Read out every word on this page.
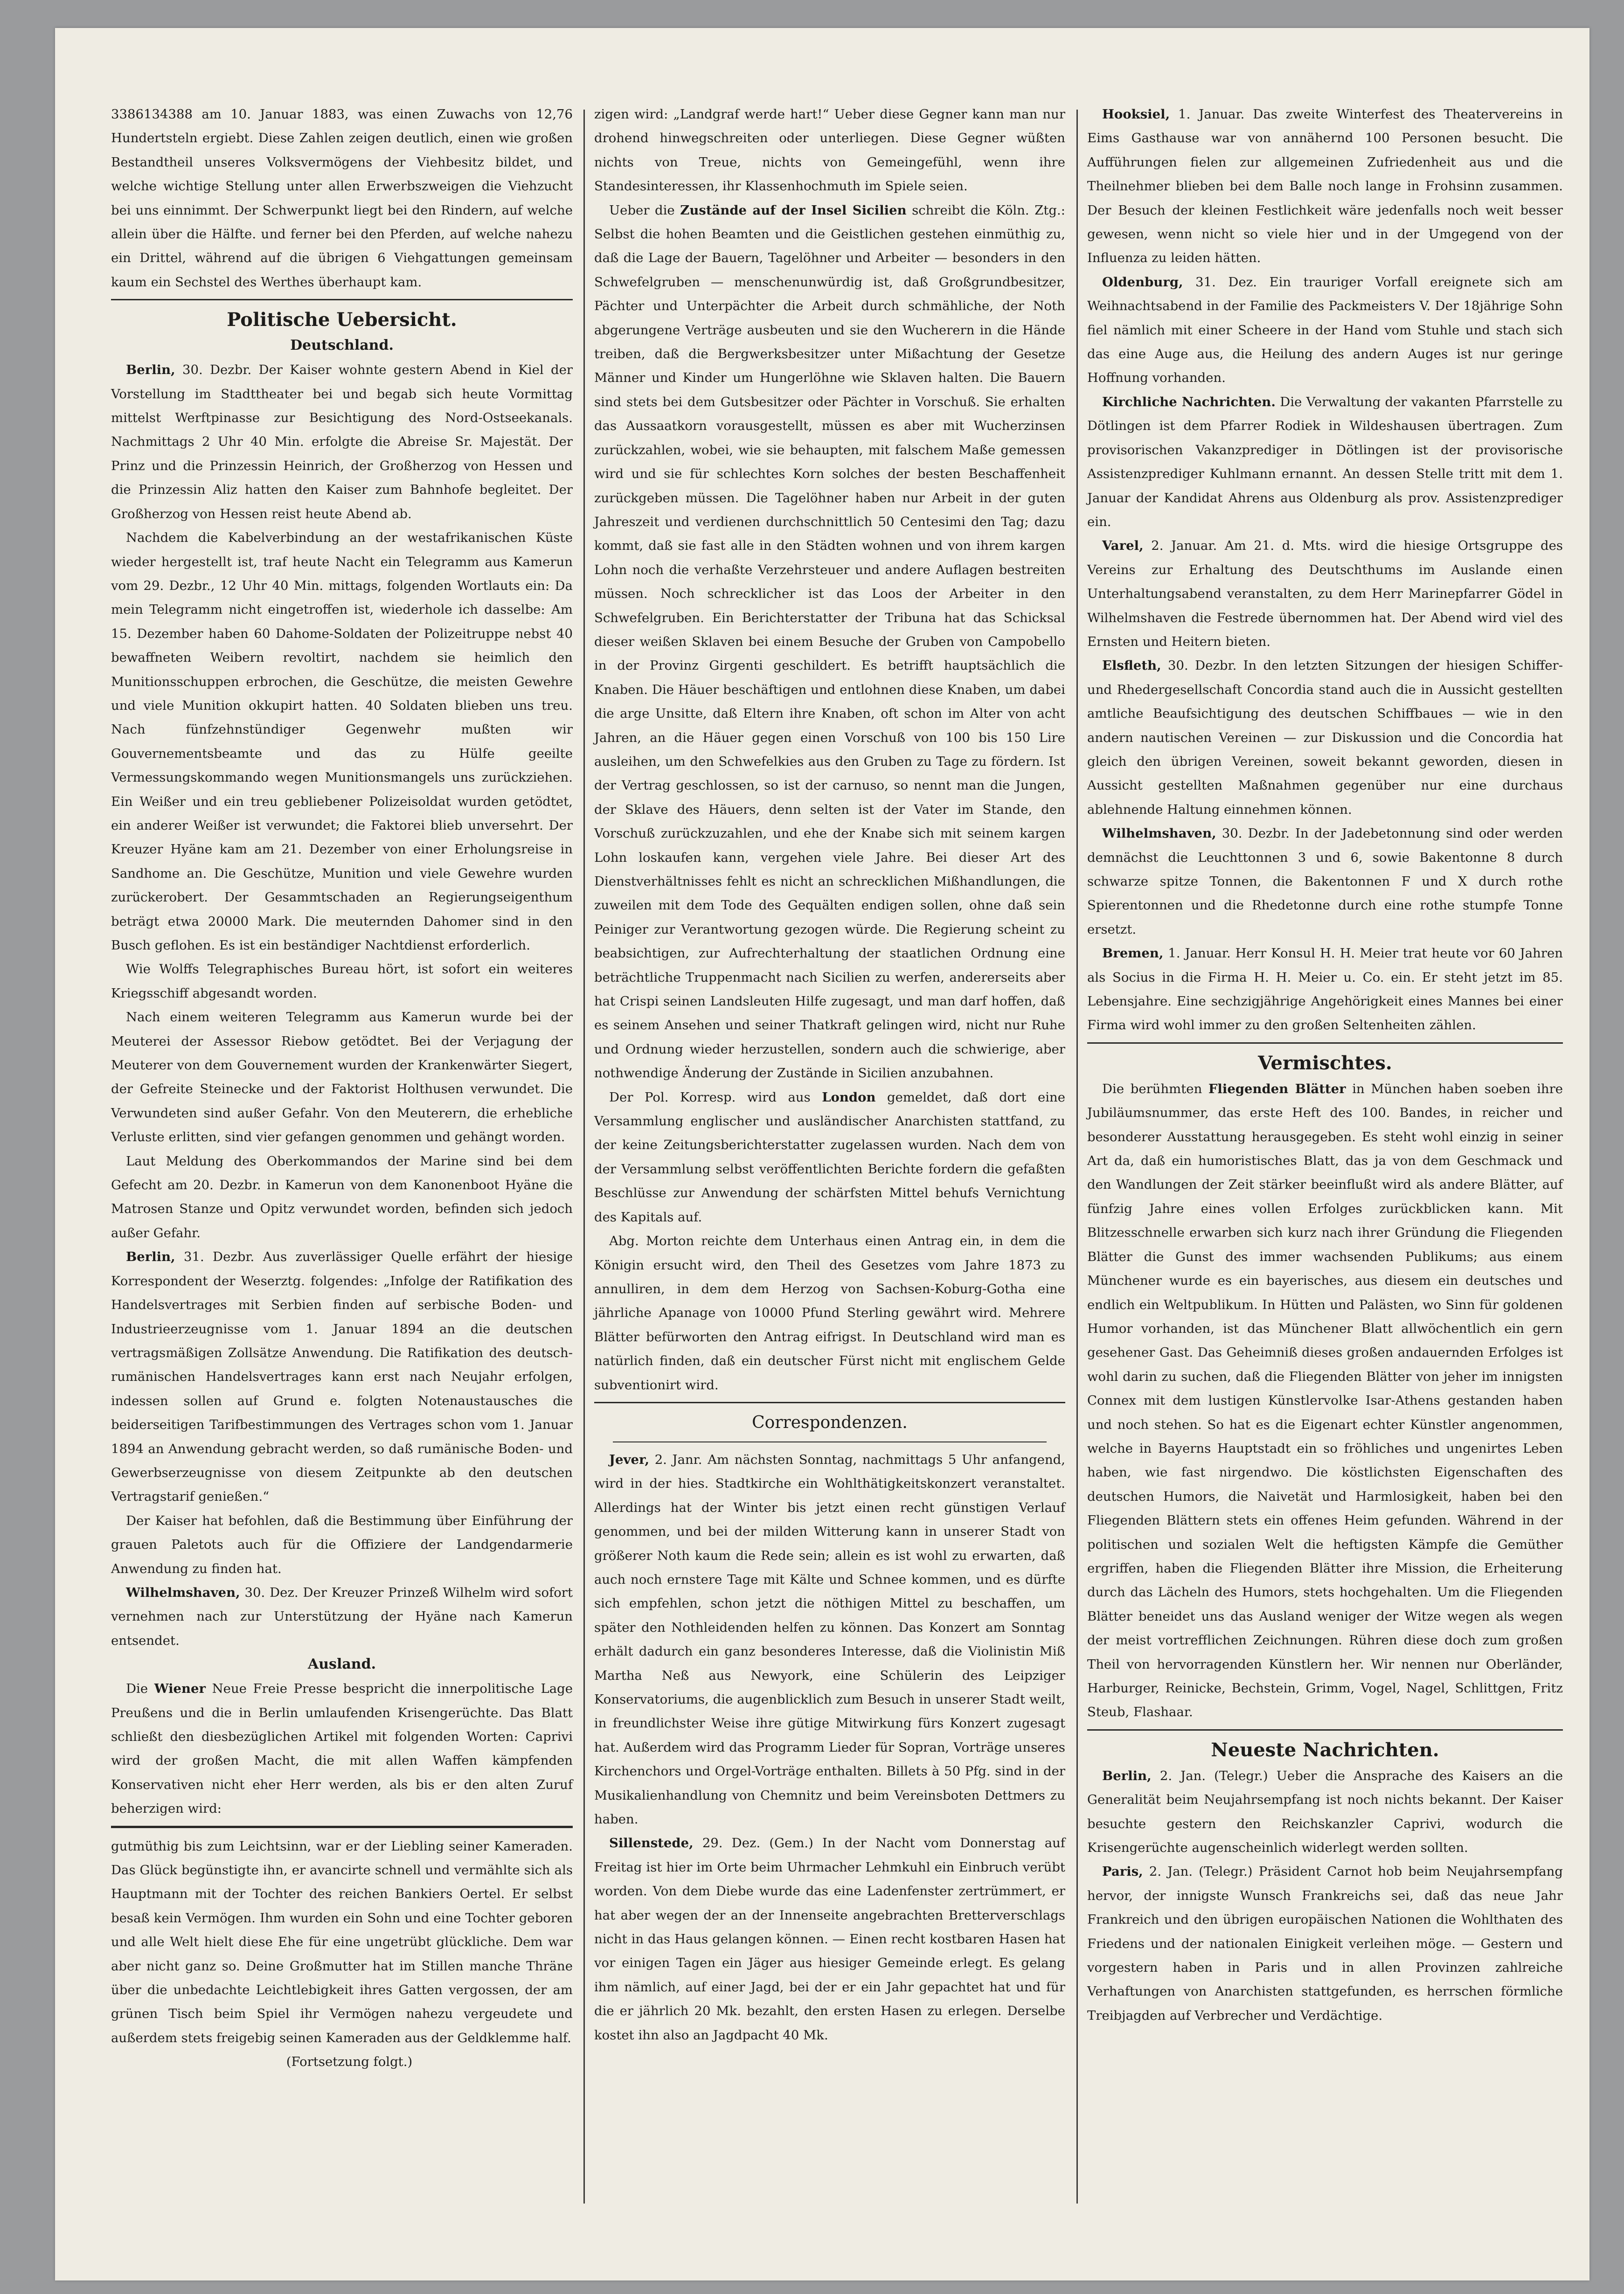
3386134388 am 10. Januar 1883, was einen Zuwachs von 12,76 Hundertsteln ergiebt. Diese Zahlen zeigen deutlich, einen wie großen Bestandtheil unseres Volksvermögens der Viehbesitz bildet, und welche wichtige Stellung unter allen Erwerbszweigen die Viehzucht bei uns einnimmt. Der Schwerpunkt liegt bei den Rindern, auf welche allein über die Hälfte. und ferner bei den Pferden, auf welche nahezu ein Drittel, während auf die übrigen 6 Viehgattungen gemeinsam kaum ein Sechstel des Werthes überhaupt kam.

Politische Uebersicht.
Deutschland.

Berlin, 30. Dezbr. Der Kaiser wohnte gestern Abend in Kiel der Vorstellung im Stadttheater bei und begab sich heute Vormittag mittelst Werftpinasse zur Besichtigung des Nord-Ostseekanals. Nachmittags 2 Uhr 40 Min. erfolgte die Abreise Sr. Majestät. Der Prinz und die Prinzessin Heinrich, der Großherzog von Hessen und die Prinzessin Aliz hatten den Kaiser zum Bahnhofe begleitet. Der Großherzog von Hessen reist heute Abend ab.

Nachdem die Kabelverbindung an der westafrikanischen Küste wieder hergestellt ist, traf heute Nacht ein Telegramm aus Kamerun vom 29. Dezbr., 12 Uhr 40 Min. mittags, folgenden Wortlauts ein: Da mein Telegramm nicht eingetroffen ist, wiederhole ich dasselbe: Am 15. Dezember haben 60 Dahome-Soldaten der Polizeitruppe nebst 40 bewaffneten Weibern revoltirt, nachdem sie heimlich den Munitionsschuppen erbrochen, die Geschütze, die meisten Gewehre und viele Munition okkupirt hatten. 40 Soldaten blieben uns treu. Nach fünfzehnstündiger Gegenwehr mußten wir Gouvernementsbeamte und das zu Hülfe geeilte Vermessungskommando wegen Munitionsmangels uns zurückziehen. Ein Weißer und ein treu gebliebener Polizeisoldat wurden getödtet, ein anderer Weißer ist verwundet; die Faktorei blieb unversehrt. Der Kreuzer Hyäne kam am 21. Dezember von einer Erholungsreise in Sandhome an. Die Geschütze, Munition und viele Gewehre wurden zurückerobert. Der Gesammtschaden an Regierungseigenthum beträgt etwa 20000 Mark. Die meuternden Dahomer sind in den Busch geflohen. Es ist ein beständiger Nachtdienst erforderlich.

Wie Wolffs Telegraphisches Bureau hört, ist sofort ein weiteres Kriegsschiff abgesandt worden.

Nach einem weiteren Telegramm aus Kamerun wurde bei der Meuterei der Assessor Riebow getödtet. Bei der Verjagung der Meuterer von dem Gouvernement wurden der Krankenwärter Siegert, der Gefreite Steinecke und der Faktorist Holthusen verwundet. Die Verwundeten sind außer Gefahr. Von den Meuterern, die erhebliche Verluste erlitten, sind vier gefangen genommen und gehängt worden.

Laut Meldung des Oberkommandos der Marine sind bei dem Gefecht am 20. Dezbr. in Kamerun von dem Kanonenboot Hyäne die Matrosen Stanze und Opitz verwundet worden, befinden sich jedoch außer Gefahr.

Berlin, 31. Dezbr. Aus zuverlässiger Quelle erfährt der hiesige Korrespondent der Weserztg. folgendes: „Infolge der Ratifikation des Handelsvertrages mit Serbien finden auf serbische Boden- und Industrieerzeugnisse vom 1. Januar 1894 an die deutschen vertragsmäßigen Zollsätze Anwendung. Die Ratifikation des deutsch-rumänischen Handelsvertrages kann erst nach Neujahr erfolgen, indessen sollen auf Grund e. folgten Notenaustausches die beiderseitigen Tarifbestimmungen des Vertrages schon vom 1. Januar 1894 an Anwendung gebracht werden, so daß rumänische Boden- und Gewerbserzeugnisse von diesem Zeitpunkte ab den deutschen Vertragstarif genießen.“

Der Kaiser hat befohlen, daß die Bestimmung über Einführung der grauen Paletots auch für die Offiziere der Landgendarmerie Anwendung zu finden hat.

Wilhelmshaven, 30. Dez. Der Kreuzer Prinzeß Wilhelm wird sofort vernehmen nach zur Unterstützung der Hyäne nach Kamerun entsendet.

Ausland.

Die Wiener Neue Freie Presse bespricht die innerpolitische Lage Preußens und die in Berlin umlaufenden Krisengerüchte. Das Blatt schließt den diesbezüglichen Artikel mit folgenden Worten: Caprivi wird der großen Macht, die mit allen Waffen kämpfenden Konservativen nicht eher Herr werden, als bis er den alten Zuruf beherzigen wird:

gutmüthig bis zum Leichtsinn, war er der Liebling seiner Kameraden. Das Glück begünstigte ihn, er avancirte schnell und vermählte sich als Hauptmann mit der Tochter des reichen Bankiers Oertel. Er selbst besaß kein Vermögen. Ihm wurden ein Sohn und eine Tochter geboren und alle Welt hielt diese Ehe für eine ungetrübt glückliche. Dem war aber nicht ganz so. Deine Großmutter hat im Stillen manche Thräne über die unbedachte Leichtlebigkeit ihres Gatten vergossen, der am grünen Tisch beim Spiel ihr Vermögen nahezu vergeudete und außerdem stets freigebig seinen Kameraden aus der Geldklemme half.

(Fortsetzung folgt.)

zigen wird: „Landgraf werde hart!“ Ueber diese Gegner kann man nur drohend hinwegschreiten oder unterliegen. Diese Gegner wüßten nichts von Treue, nichts von Gemeingefühl, wenn ihre Standesinteressen, ihr Klassenhochmuth im Spiele seien.

Ueber die Zustände auf der Insel Sicilien schreibt die Köln. Ztg.: Selbst die hohen Beamten und die Geistlichen gestehen einmüthig zu, daß die Lage der Bauern, Tagelöhner und Arbeiter — besonders in den Schwefelgruben — menschenunwürdig ist, daß Großgrundbesitzer, Pächter und Unterpächter die Arbeit durch schmähliche, der Noth abgerungene Verträge ausbeuten und sie den Wucherern in die Hände treiben, daß die Bergwerksbesitzer unter Mißachtung der Gesetze Männer und Kinder um Hungerlöhne wie Sklaven halten. Die Bauern sind stets bei dem Gutsbesitzer oder Pächter in Vorschuß. Sie erhalten das Aussaatkorn vorausgestellt, müssen es aber mit Wucherzinsen zurückzahlen, wobei, wie sie behaupten, mit falschem Maße gemessen wird und sie für schlechtes Korn solches der besten Beschaffenheit zurückgeben müssen. Die Tagelöhner haben nur Arbeit in der guten Jahreszeit und verdienen durchschnittlich 50 Centesimi den Tag; dazu kommt, daß sie fast alle in den Städten wohnen und von ihrem kargen Lohn noch die verhaßte Verzehrsteuer und andere Auflagen bestreiten müssen. Noch schrecklicher ist das Loos der Arbeiter in den Schwefelgruben. Ein Berichterstatter der Tribuna hat das Schicksal dieser weißen Sklaven bei einem Besuche der Gruben von Campobello in der Provinz Girgenti geschildert. Es betrifft hauptsächlich die Knaben. Die Häuer beschäftigen und entlohnen diese Knaben, um dabei die arge Unsitte, daß Eltern ihre Knaben, oft schon im Alter von acht Jahren, an die Häuer gegen einen Vorschuß von 100 bis 150 Lire ausleihen, um den Schwefelkies aus den Gruben zu Tage zu fördern. Ist der Vertrag geschlossen, so ist der carnuso, so nennt man die Jungen, der Sklave des Häuers, denn selten ist der Vater im Stande, den Vorschuß zurückzuzahlen, und ehe der Knabe sich mit seinem kargen Lohn loskaufen kann, vergehen viele Jahre. Bei dieser Art des Dienstverhältnisses fehlt es nicht an schrecklichen Mißhandlungen, die zuweilen mit dem Tode des Gequälten endigen sollen, ohne daß sein Peiniger zur Verantwortung gezogen würde. Die Regierung scheint zu beabsichtigen, zur Aufrechterhaltung der staatlichen Ordnung eine beträchtliche Truppenmacht nach Sicilien zu werfen, andererseits aber hat Crispi seinen Landsleuten Hilfe zugesagt, und man darf hoffen, daß es seinem Ansehen und seiner Thatkraft gelingen wird, nicht nur Ruhe und Ordnung wieder herzustellen, sondern auch die schwierige, aber nothwendige Änderung der Zustände in Sicilien anzubahnen.

Der Pol. Korresp. wird aus London gemeldet, daß dort eine Versammlung englischer und ausländischer Anarchisten stattfand, zu der keine Zeitungsberichterstatter zugelassen wurden. Nach dem von der Versammlung selbst veröffentlichten Berichte fordern die gefaßten Beschlüsse zur Anwendung der schärfsten Mittel behufs Vernichtung des Kapitals auf.

Abg. Morton reichte dem Unterhaus einen Antrag ein, in dem die Königin ersucht wird, den Theil des Gesetzes vom Jahre 1873 zu annulliren, in dem dem Herzog von Sachsen-Koburg-Gotha eine jährliche Apanage von 10000 Pfund Sterling gewährt wird. Mehrere Blätter befürworten den Antrag eifrigst. In Deutschland wird man es natürlich finden, daß ein deutscher Fürst nicht mit englischem Gelde subventionirt wird.

Correspondenzen.

Jever, 2. Janr. Am nächsten Sonntag, nachmittags 5 Uhr anfangend, wird in der hies. Stadtkirche ein Wohlthätigkeitskonzert veranstaltet. Allerdings hat der Winter bis jetzt einen recht günstigen Verlauf genommen, und bei der milden Witterung kann in unserer Stadt von größerer Noth kaum die Rede sein; allein es ist wohl zu erwarten, daß auch noch ernstere Tage mit Kälte und Schnee kommen, und es dürfte sich empfehlen, schon jetzt die nöthigen Mittel zu beschaffen, um später den Nothleidenden helfen zu können. Das Konzert am Sonntag erhält dadurch ein ganz besonderes Interesse, daß die Violinistin Miß Martha Neß aus Newyork, eine Schülerin des Leipziger Konservatoriums, die augenblicklich zum Besuch in unserer Stadt weilt, in freundlichster Weise ihre gütige Mitwirkung fürs Konzert zugesagt hat. Außerdem wird das Programm Lieder für Sopran, Vorträge unseres Kirchenchors und Orgel-Vorträge enthalten. Billets à 50 Pfg. sind in der Musikalienhandlung von Chemnitz und beim Vereinsboten Dettmers zu haben.

Sillenstede, 29. Dez. (Gem.) In der Nacht vom Donnerstag auf Freitag ist hier im Orte beim Uhrmacher Lehmkuhl ein Einbruch verübt worden. Von dem Diebe wurde das eine Ladenfenster zertrümmert, er hat aber wegen der an der Innenseite angebrachten Bretterverschlags nicht in das Haus gelangen können. — Einen recht kostbaren Hasen hat vor einigen Tagen ein Jäger aus hiesiger Gemeinde erlegt. Es gelang ihm nämlich, auf einer Jagd, bei der er ein Jahr gepachtet hat und für die er jährlich 20 Mk. bezahlt, den ersten Hasen zu erlegen. Derselbe kostet ihn also an Jagdpacht 40 Mk.

Hooksiel, 1. Januar. Das zweite Winterfest des Theatervereins in Eims Gasthause war von annähernd 100 Personen besucht. Die Aufführungen fielen zur allgemeinen Zufriedenheit aus und die Theilnehmer blieben bei dem Balle noch lange in Frohsinn zusammen. Der Besuch der kleinen Festlichkeit wäre jedenfalls noch weit besser gewesen, wenn nicht so viele hier und in der Umgegend von der Influenza zu leiden hätten.

Oldenburg, 31. Dez. Ein trauriger Vorfall ereignete sich am Weihnachtsabend in der Familie des Packmeisters V. Der 18jährige Sohn fiel nämlich mit einer Scheere in der Hand vom Stuhle und stach sich das eine Auge aus, die Heilung des andern Auges ist nur geringe Hoffnung vorhanden.

Kirchliche Nachrichten. Die Verwaltung der vakanten Pfarrstelle zu Dötlingen ist dem Pfarrer Rodiek in Wildeshausen übertragen. Zum provisorischen Vakanzprediger in Dötlingen ist der provisorische Assistenzprediger Kuhlmann ernannt. An dessen Stelle tritt mit dem 1. Januar der Kandidat Ahrens aus Oldenburg als prov. Assistenzprediger ein.

Varel, 2. Januar. Am 21. d. Mts. wird die hiesige Ortsgruppe des Vereins zur Erhaltung des Deutschthums im Auslande einen Unterhaltungsabend veranstalten, zu dem Herr Marinepfarrer Gödel in Wilhelmshaven die Festrede übernommen hat. Der Abend wird viel des Ernsten und Heitern bieten.

Elsfleth, 30. Dezbr. In den letzten Sitzungen der hiesigen Schiffer- und Rhedergesellschaft Concordia stand auch die in Aussicht gestellten amtliche Beaufsichtigung des deutschen Schiffbaues — wie in den andern nautischen Vereinen — zur Diskussion und die Concordia hat gleich den übrigen Vereinen, soweit bekannt geworden, diesen in Aussicht gestellten Maßnahmen gegenüber nur eine durchaus ablehnende Haltung einnehmen können.

Wilhelmshaven, 30. Dezbr. In der Jadebetonnung sind oder werden demnächst die Leuchttonnen 3 und 6, sowie Bakentonne 8 durch schwarze spitze Tonnen, die Bakentonnen F und X durch rothe Spierentonnen und die Rhedetonne durch eine rothe stumpfe Tonne ersetzt.

Bremen, 1. Januar. Herr Konsul H. H. Meier trat heute vor 60 Jahren als Socius in die Firma H. H. Meier u. Co. ein. Er steht jetzt im 85. Lebensjahre. Eine sechzigjährige Angehörigkeit eines Mannes bei einer Firma wird wohl immer zu den großen Seltenheiten zählen.

Vermischtes.

Die berühmten Fliegenden Blätter in München haben soeben ihre Jubiläumsnummer, das erste Heft des 100. Bandes, in reicher und besonderer Ausstattung herausgegeben. Es steht wohl einzig in seiner Art da, daß ein humoristisches Blatt, das ja von dem Geschmack und den Wandlungen der Zeit stärker beeinflußt wird als andere Blätter, auf fünfzig Jahre eines vollen Erfolges zurückblicken kann. Mit Blitzesschnelle erwarben sich kurz nach ihrer Gründung die Fliegenden Blätter die Gunst des immer wachsenden Publikums; aus einem Münchener wurde es ein bayerisches, aus diesem ein deutsches und endlich ein Weltpublikum. In Hütten und Palästen, wo Sinn für goldenen Humor vorhanden, ist das Münchener Blatt allwöchentlich ein gern gesehener Gast. Das Geheimniß dieses großen andauernden Erfolges ist wohl darin zu suchen, daß die Fliegenden Blätter von jeher im innigsten Connex mit dem lustigen Künstlervolke Isar-Athens gestanden haben und noch stehen. So hat es die Eigenart echter Künstler angenommen, welche in Bayerns Hauptstadt ein so fröhliches und ungenirtes Leben haben, wie fast nirgendwo. Die köstlichsten Eigenschaften des deutschen Humors, die Naivetät und Harmlosigkeit, haben bei den Fliegenden Blättern stets ein offenes Heim gefunden. Während in der politischen und sozialen Welt die heftigsten Kämpfe die Gemüther ergriffen, haben die Fliegenden Blätter ihre Mission, die Erheiterung durch das Lächeln des Humors, stets hochgehalten. Um die Fliegenden Blätter beneidet uns das Ausland weniger der Witze wegen als wegen der meist vortrefflichen Zeichnungen. Rühren diese doch zum großen Theil von hervorragenden Künstlern her. Wir nennen nur Oberländer, Harburger, Reinicke, Bechstein, Grimm, Vogel, Nagel, Schlittgen, Fritz Steub, Flashaar.

Neueste Nachrichten.

Berlin, 2. Jan. (Telegr.) Ueber die Ansprache des Kaisers an die Generalität beim Neujahrsempfang ist noch nichts bekannt. Der Kaiser besuchte gestern den Reichskanzler Caprivi, wodurch die Krisengerüchte augenscheinlich widerlegt werden sollten.

Paris, 2. Jan. (Telegr.) Präsident Carnot hob beim Neujahrsempfang hervor, der innigste Wunsch Frankreichs sei, daß das neue Jahr Frankreich und den übrigen europäischen Nationen die Wohlthaten des Friedens und der nationalen Einigkeit verleihen möge. — Gestern und vorgestern haben in Paris und in allen Provinzen zahlreiche Verhaftungen von Anarchisten stattgefunden, es herrschen förmliche Treibjagden auf Verbrecher und Verdächtige.
